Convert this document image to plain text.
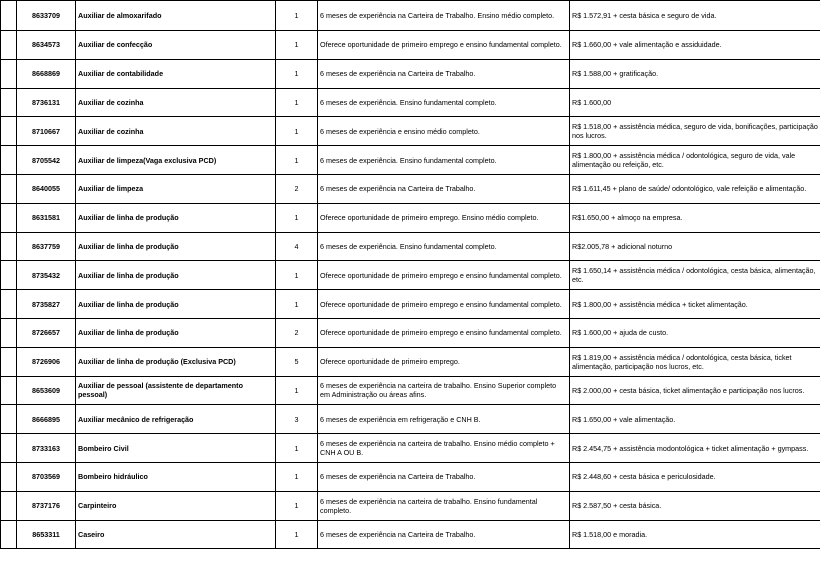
	8633709	Auxiliar de almoxarifado	1	6 meses de experiência na Carteira de Trabalho. Ensino médio completo.	R$ 1.572,91 + cesta básica e seguro de vida.
	8634573	Auxiliar de confecção	1	Oferece oportunidade de primeiro emprego e ensino fundamental completo.	R$ 1.660,00 + vale alimentação e assiduidade.
	8668869	Auxiliar de contabilidade	1	6 meses de experiência na Carteira de Trabalho.	R$ 1.588,00 + gratificação.
	8736131	Auxiliar de cozinha	1	6 meses de experiência. Ensino fundamental completo.	R$ 1.600,00
	8710667	Auxiliar de cozinha	1	6 meses de experiência e ensino médio completo.	R$ 1.518,00 + assistência médica, seguro de vida, bonificações, participação nos lucros.
	8705542	Auxiliar de limpeza(Vaga exclusiva PCD)	1	6 meses de experiência. Ensino fundamental completo.	R$ 1.800,00 + assistência médica / odontológica, seguro de vida, vale alimentação ou refeição, etc.
	8640055	Auxiliar de limpeza	2	6 meses de experiência na Carteira de Trabalho.	R$ 1.611,45 + plano de saúde/ odontológico, vale refeição e alimentação.
	8631581	Auxiliar de linha de produção	1	Oferece oportunidade de primeiro emprego. Ensino médio completo.	R$1.650,00 + almoço na empresa.
	8637759	Auxiliar de linha de produção	4	6 meses de experiência. Ensino fundamental completo.	R$2.005,78 + adicional noturno
	8735432	Auxiliar de linha de produção	1	Oferece oportunidade de primeiro emprego e ensino fundamental completo.	R$ 1.650,14 + assistência médica / odontológica, cesta básica, alimentação, etc.
	8735827	Auxiliar de linha de produção	1	Oferece oportunidade de primeiro emprego e ensino fundamental completo.	R$ 1.800,00 + assistência médica + ticket alimentação.
	8726657	Auxiliar de linha de produção	2	Oferece oportunidade de primeiro emprego e ensino fundamental completo.	R$ 1.600,00 + ajuda de custo.
	8726906	Auxiliar de linha de produção (Exclusiva PCD)	5	Oferece oportunidade de primeiro emprego.	R$ 1.819,00 + assistência médica / odontológica, cesta básica, ticket alimentação, participação nos lucros, etc.
	8653609	Auxiliar de pessoal (assistente de departamento pessoal)	1	6 meses de experiência na carteira de trabalho. Ensino Superior completo em Administração ou áreas afins.	R$ 2.000,00 + cesta básica, ticket alimentação e participação nos lucros.
	8666895	Auxiliar mecânico de refrigeração	3	6 meses de experiência em refrigeração e CNH B.	R$ 1.650,00 + vale alimentação.
	8733163	Bombeiro Civil	1	6 meses de experiência na carteira de trabalho. Ensino médio completo + CNH A OU B.	R$ 2.454,75 + assistência modontológica + ticket alimentação + gympass.
	8703569	Bombeiro hidráulico	1	6 meses de experiência na Carteira de Trabalho.	R$ 2.448,60 + cesta básica e periculosidade.
	8737176	Carpinteiro	1	6 meses de experiência na carteira de trabalho. Ensino fundamental completo.	R$ 2.587,50 + cesta básica.
	8653311	Caseiro	1	6 meses de experiência na Carteira de Trabalho.	R$ 1.518,00 e moradia.
